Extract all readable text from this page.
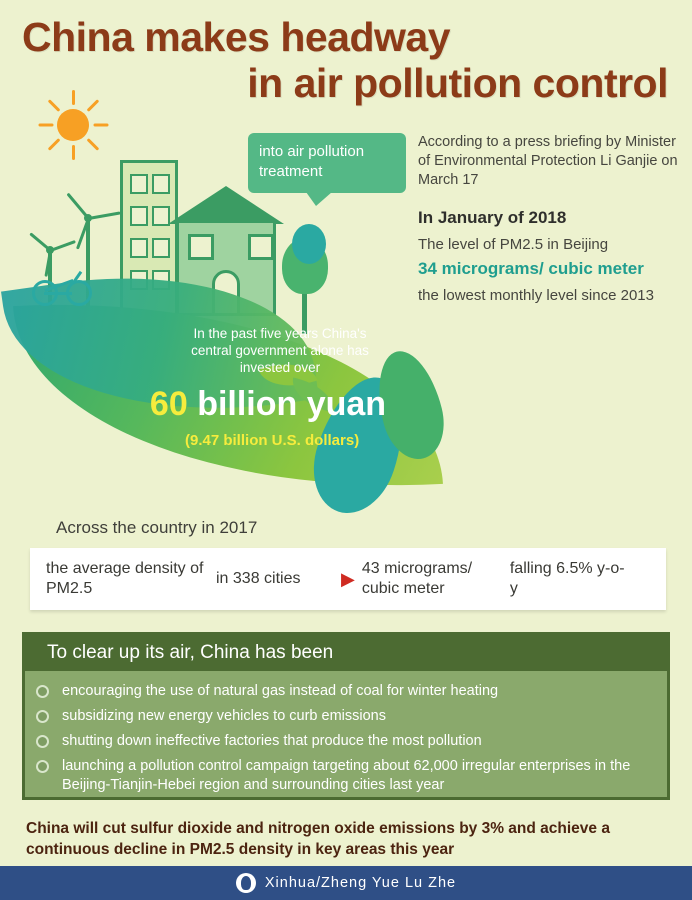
China makes headway
in air pollution control
into air pollution treatment
According to a press briefing by Minister of Environmental Protection Li Ganjie on March 17
In January of 2018
The level of PM2.5 in Beijing
34 micrograms/ cubic meter
the lowest monthly level since 2013
In the past five years China's central government alone has invested over
60 billion yuan
(9.47 billion U.S. dollars)
Across the country in 2017
the average density of PM2.5
in 338 cities	▶ 43 micrograms/ cubic meter
falling 6.5% y-o-y
To clear up its air, China has been
encouraging the use of natural gas instead of coal for winter heating
subsidizing new energy vehicles to curb emissions
shutting down ineffective factories that produce the most pollution
launching a pollution control campaign targeting about 62,000 irregular enterprises in the Beijing-Tianjin-Hebei region and surrounding cities last year
China will cut sulfur dioxide and nitrogen oxide emissions by 3% and achieve a continuous decline in PM2.5 density in key areas this year
Xinhua/Zheng Yue Lu Zhe
